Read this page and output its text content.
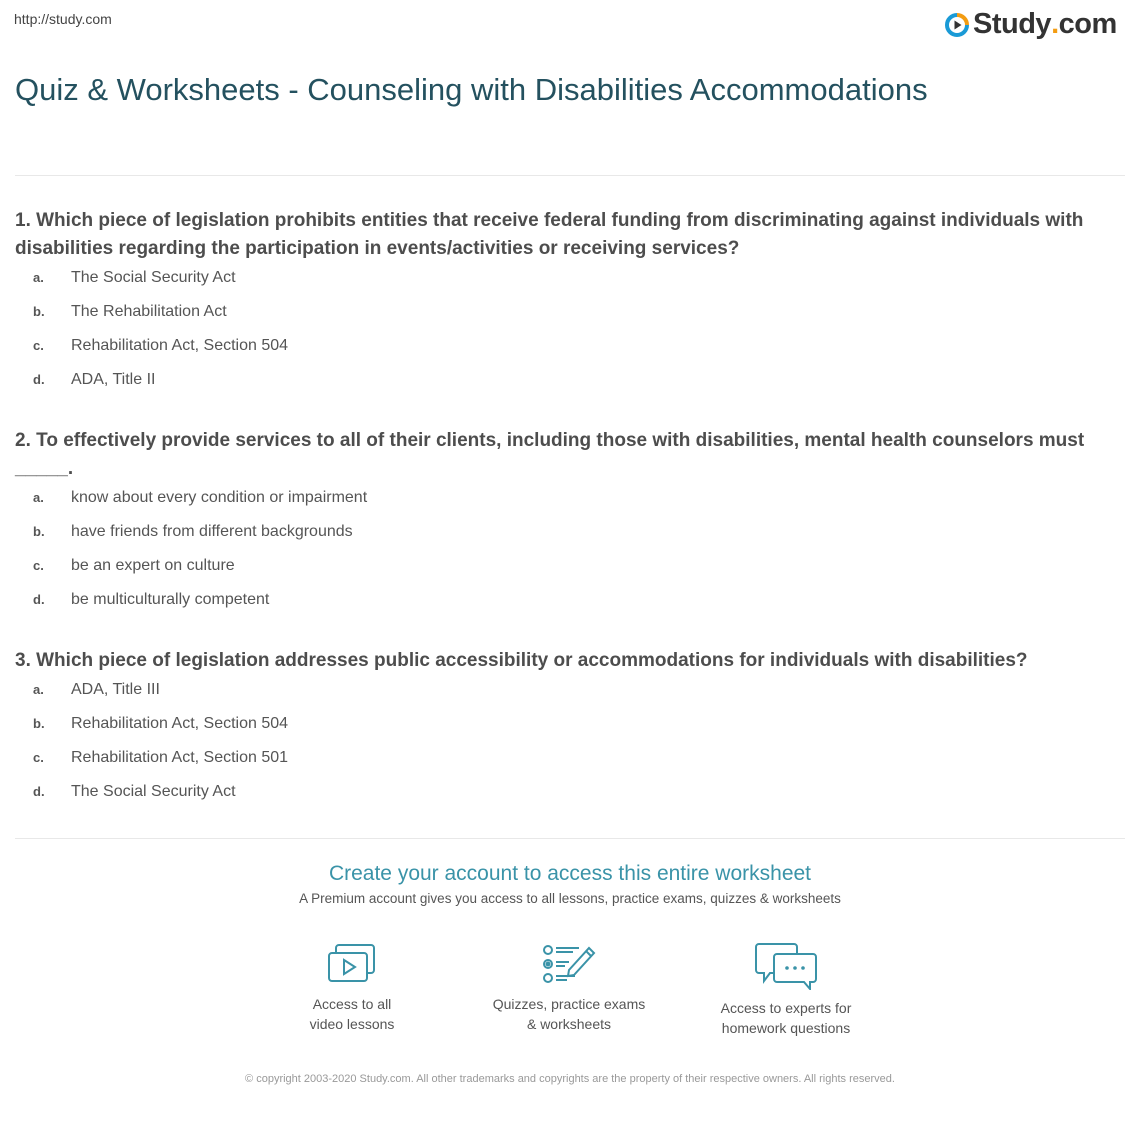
http://study.com	Study . com
Quiz & Worksheets - Counseling with Disabilities Accommodations

1. Which piece of legislation prohibits entities that receive federal funding from discriminating against individuals with disabilities regarding the participation in events/activities or receiving services?

a.	The Social Security Act
b.	The Rehabilitation Act
c.	Rehabilitation Act, Section 504
d.	ADA, Title II

2. To effectively provide services to all of their clients, including those with disabilities, mental health counselors must _____.

a.	know about every condition or impairment
b.	have friends from different backgrounds
c.	be an expert on culture
d.	be multiculturally competent

3. Which piece of legislation addresses public accessibility or accommodations for individuals with disabilities?

a.	ADA, Title III
b.	Rehabilitation Act, Section 504
c.	Rehabilitation Act, Section 501
d.	The Social Security Act
Create your account to access this entire worksheet
A Premium account gives you access to all lessons, practice exams, quizzes & worksheets
Access to all
video lessons
Quizzes, practice exams
& worksheets
Access to experts for
homework questions
© copyright 2003-2020 Study.com. All other trademarks and copyrights are the property of their respective owners. All rights reserved.
